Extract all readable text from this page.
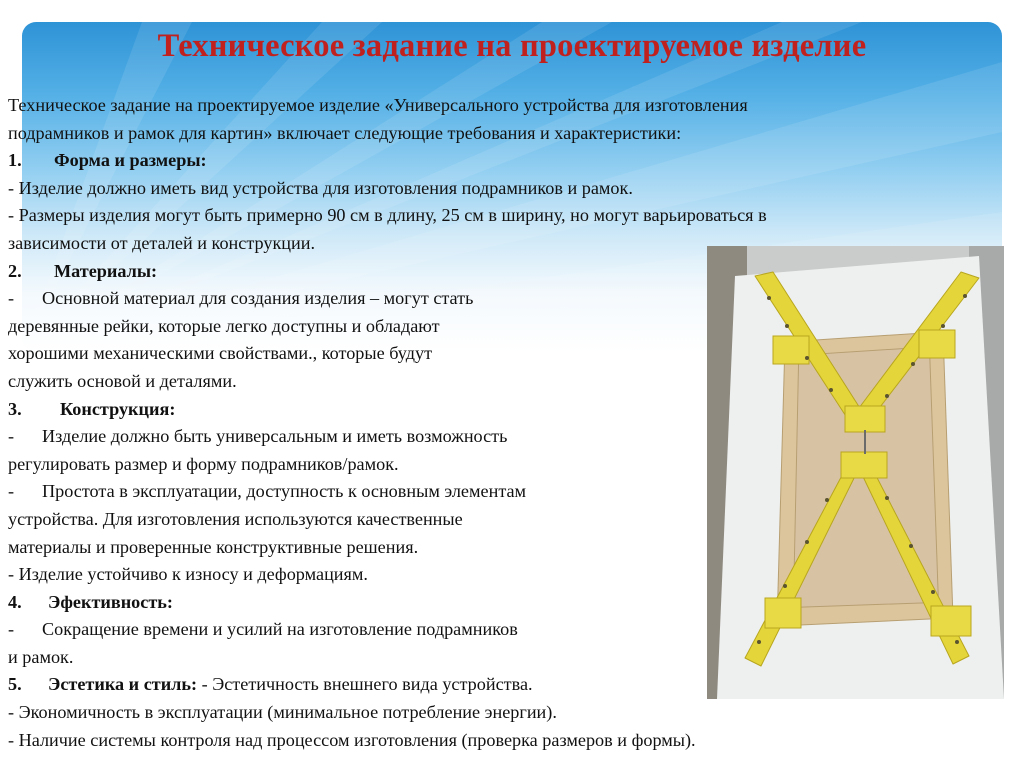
Техническое задание на проектируемое изделие
Техническое задание на проектируемое изделие «Универсального устройства для изготовления
подрамников и рамок для картин» включает следующие требования и характеристики:
1. Форма и размеры:
- Изделие должно иметь вид устройства для изготовления подрамников и рамок.
- Размеры изделия могут быть примерно 90 см в длину, 25 см в ширину, но могут варьироваться в
зависимости от деталей и конструкции.
2. Материалы:
- Основной материал для создания изделия – могут стать
деревянные рейки, которые легко доступны и обладают
хорошими механическими свойствами., которые будут
служить основой и деталями.
3. Конструкция:
- Изделие должно быть универсальным и иметь возможность
регулировать размер и форму подрамников/рамок.
- Простота в эксплуатации, доступность к основным элементам
устройства. Для изготовления используются качественные
материалы и проверенные конструктивные решения.
- Изделие устойчиво к износу и деформациям.
4. Эфективность:
- Сокращение времени и усилий на изготовление подрамников
и рамок.
5. Эстетика и стиль: - Эстетичность внешнего вида устройства.
- Экономичность в эксплуатации (минимальное потребление энергии).
- Наличие системы контроля над процессом изготовления (проверка размеров и формы).
